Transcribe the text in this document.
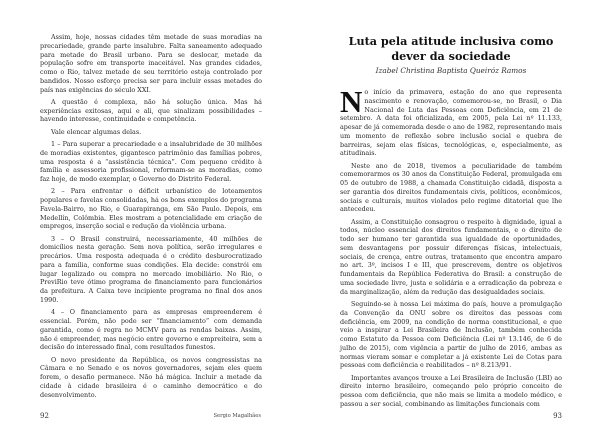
Assim, hoje, nossas cidades têm metade de suas moradias na precariedade, grande parte insalubre. Falta saneamento adequado para metade do Brasil urbano. Para se deslocar, metade da população sofre em transporte inaceitável. Nas grandes cidades, como o Rio, talvez metade de seu território esteja controlado por bandidos. Nosso esforço precisa ser para incluir essas metades do país nas exigências do século XXI.

A questão é complexa, não há solução única. Mas há experiências exitosas, aqui e ali, que sinalizam possibilidades – havendo interesse, continuidade e competência.

Vale elencar algumas delas.

1 – Para superar a precariedade e a insalubridade de 30 milhões de moradias existentes, gigantesco patrimônio das famílias pobres, uma resposta é a “assistência técnica”. Com pequeno crédito à família e assessoria profissional, reformam-se as moradias, como faz hoje, de modo exemplar, o Governo do Distrito Federal.

2 – Para enfrentar o déficit urbanístico de loteamentos populares e favelas consolidadas, há os bons exemplos do programa Favela-Bairro, no Rio, e Guarapiranga, em São Paulo. Depois, em Medellín, Colômbia. Eles mostram a potencialidade em criação de empregos, inserção social e redução da violência urbana.

3 – O Brasil construirá, necessariamente, 40 milhões de domicílios nesta geração. Sem nova política, serão irregulares e precários. Uma resposta adequada é o crédito desburocratizado para a família, conforme suas condições. Ela decide: constrói em lugar legalizado ou compra no mercado imobiliário. No Rio, o PreviRio teve ótimo programa de financiamento para funcionários da prefeitura. A Caixa teve incipiente programa no final dos anos 1990.

4 – O financiamento para as empresas empreenderem é essencial. Porém, não pode ser “financiamento” com demanda garantida, como é regra no MCMV para as rendas baixas. Assim, não é empreender, mas negócio entre governo e empreiteira, sem a decisão do interessado final, com resultados funestos.

O novo presidente da República, os novos congressistas na Câmara e no Senado e os novos governadores, sejam eles quem forem, o desafio permanece. Não há mágica. Incluir a metade da cidade à cidade brasileira é o caminho democrático e do desenvolvimento.

92	Sergio Magalhães
Luta pela atitude inclusiva como dever da sociedade
Izabel Christina Baptista Queiróz Ramos

No início da primavera, estação do ano que representa nascimento e renovação, comemorou-se, no Brasil, o Dia Nacional de Luta das Pessoas com Deficiência, em 21 de setembro. A data foi oficializada, em 2005, pela Lei nº 11.133, apesar de já comemorada desde o ano de 1982, representando mais um momento de reflexão sobre inclusão social e quebra de barreiras, sejam elas físicas, tecnológicas, e, especialmente, as atitudinais.

Neste ano de 2018, tivemos a peculiaridade de também comemorarmos os 30 anos da Constituição Federal, promulgada em 05 de outubro de 1988, a chamada Constituição cidadã, disposta a ser garantia dos direitos fundamentais civis, políticos, econômicos, sociais e culturais, muitos violados pelo regime ditatorial que lhe antecedeu.

Assim, a Constituição consagrou o respeito à dignidade, igual a todos, núcleo essencial dos direitos fundamentais, e o direito de todo ser humano ter garantida sua igualdade de oportunidades, sem desvantagens por possuir diferenças físicas, intelectuais, sociais, de crença, entre outras, tratamento que encontra amparo no art. 3º, incisos I e III, que prescrevem, dentre os objetivos fundamentais da República Federativa do Brasil: a construção de uma sociedade livre, justa e solidária e a erradicação da pobreza e da marginalização, além da redução das desigualdades sociais.

Seguindo-se à nossa Lei máxima do país, houve a promulgação da Convenção da ONU sobre os direitos das pessoas com deficiência, em 2009, na condição de norma constitucional, e que veio a inspirar a Lei Brasileira de Inclusão, também conhecida como Estatuto da Pessoa com Deficiência (Lei nº 13.146, de 6 de julho de 2015), com vigência a partir de julho de 2016, ambas as normas vieram somar e completar a já existente Lei de Cotas para pessoas com deficiência e reabilitados – nº 8.213/91.

Importantes avanços trouxe a Lei Brasileira de Inclusão (LBI) ao direito interno brasileiro, começando pelo próprio conceito de pessoa com deficiência, que não mais se limita a modelo médico, e passou a ser social, combinando as limitações funcionais com

93
